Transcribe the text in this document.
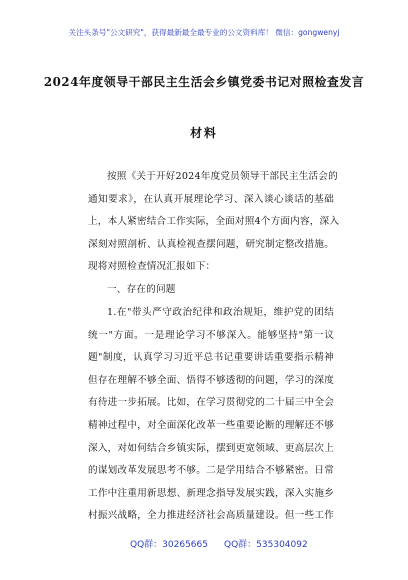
关注头条号"公文研究"，获得最新最全最专业的公文资料库！ 微信：gongwenyj
2024年度领导干部民主生活会乡镇党委书记对照检查发言
材料
按照《关于开好2024年度党员领导干部民主生活会的
通知要求》，在认真开展理论学习、深入谈心谈话的基础
上，本人紧密结合工作实际，全面对照4个方面内容，深入
深刻对照剖析、认真检视查摆问题，研究制定整改措施。
现将对照检查情况汇报如下：
一、存在的问题
1.在"带头严守政治纪律和政治规矩，维护党的团结
统一"方面。一是理论学习不够深入。能够坚持"第一议
题"制度，认真学习习近平总书记重要讲话重要指示精神
但存在理解不够全面、悟得不够透彻的问题，学习的深度
有待进一步拓展。比如，在学习贯彻党的二十届三中全会
精神过程中，对全面深化改革一些重要论断的理解还不够
深入，对如何结合乡镇实际，摆到更宽领域、更高层次上
的谋划改革发展思考不够。二是学用结合不够紧密。日常
工作中注重用新思想、新理念指导发展实践，深入实施乡
村振兴战略，全力推进经济社会高质量建设。但一些工作
QQ群：30265665 QQ群：535304092
